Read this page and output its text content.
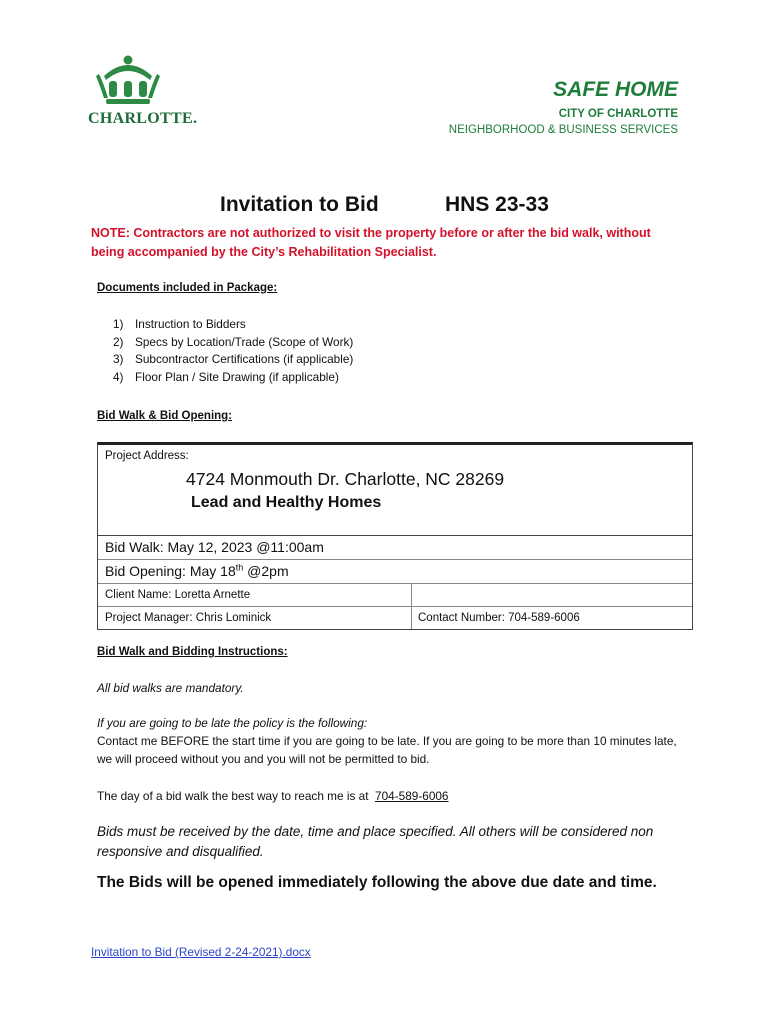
CHARLOTTE.
SAFE HOME
CITY OF CHARLOTTE
NEIGHBORHOOD & BUSINESS SERVICES
Invitation to Bid	HNS 23-33
NOTE: Contractors are not authorized to visit the property before or after the bid walk, without being accompanied by the City’s Rehabilitation Specialist.
Documents included in Package:
1) Instruction to Bidders
2) Specs by Location/Trade (Scope of Work)
3) Subcontractor Certifications (if applicable)
4) Floor Plan / Site Drawing (if applicable)
Bid Walk & Bid Opening:
Project Address:
4724 Monmouth Dr. Charlotte, NC 28269
Lead and Healthy Homes
Bid Walk: May 12, 2023 @11:00am
Bid Opening: May 18th @2pm
Client Name: Loretta Arnette
Project Manager: Chris Lominick	Contact Number: 704-589-6006
Bid Walk and Bidding Instructions:
All bid walks are mandatory.
If you are going to be late the policy is the following:
Contact me BEFORE the start time if you are going to be late. If you are going to be more than 10 minutes late, we will proceed without you and you will not be permitted to bid.
The day of a bid walk the best way to reach me is at 704-589-6006
Bids must be received by the date, time and place specified. All others will be considered non responsive and disqualified.
The Bids will be opened immediately following the above due date and time.
Invitation to Bid (Revised 2-24-2021).docx
